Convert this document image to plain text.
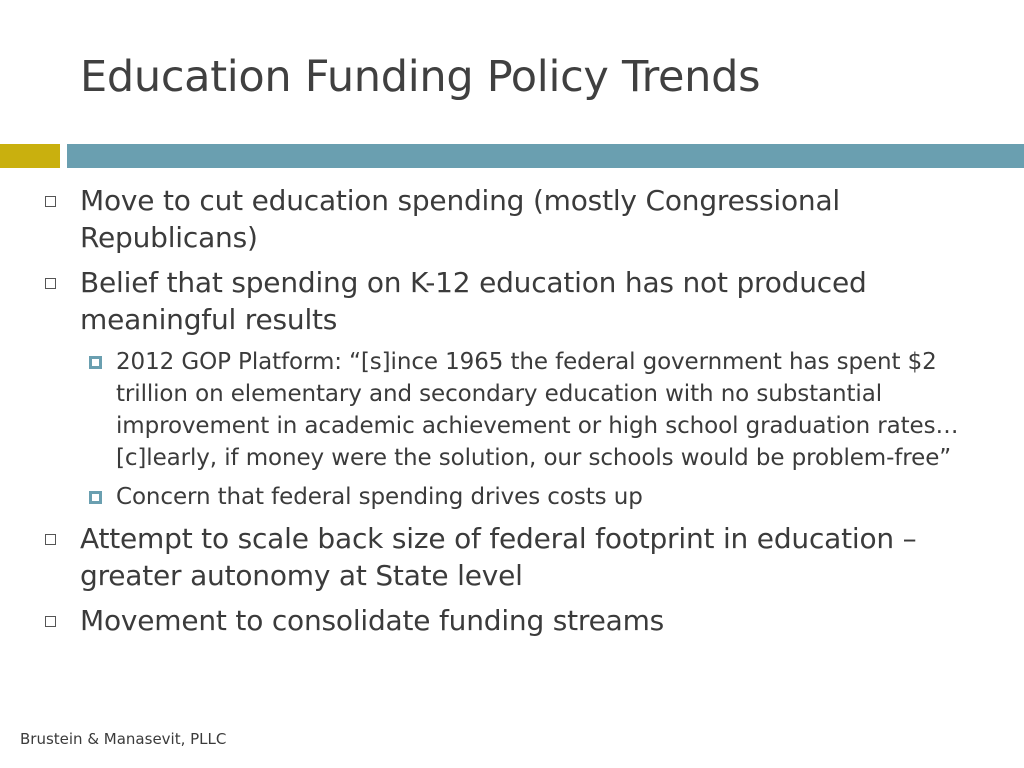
Education Funding Policy Trends
Move to cut education spending (mostly Congressional Republicans)
Belief that spending on K-12 education has not produced meaningful results
2012 GOP Platform: “[s]ince 1965 the federal government has spent $2 trillion on elementary and secondary education with no substantial improvement in academic achievement or high school graduation rates…[c]learly, if money were the solution, our schools would be problem-free”
Concern that federal spending drives costs up
Attempt to scale back size of federal footprint in education – greater autonomy at State level
Movement to consolidate funding streams
Brustein & Manasevit, PLLC
